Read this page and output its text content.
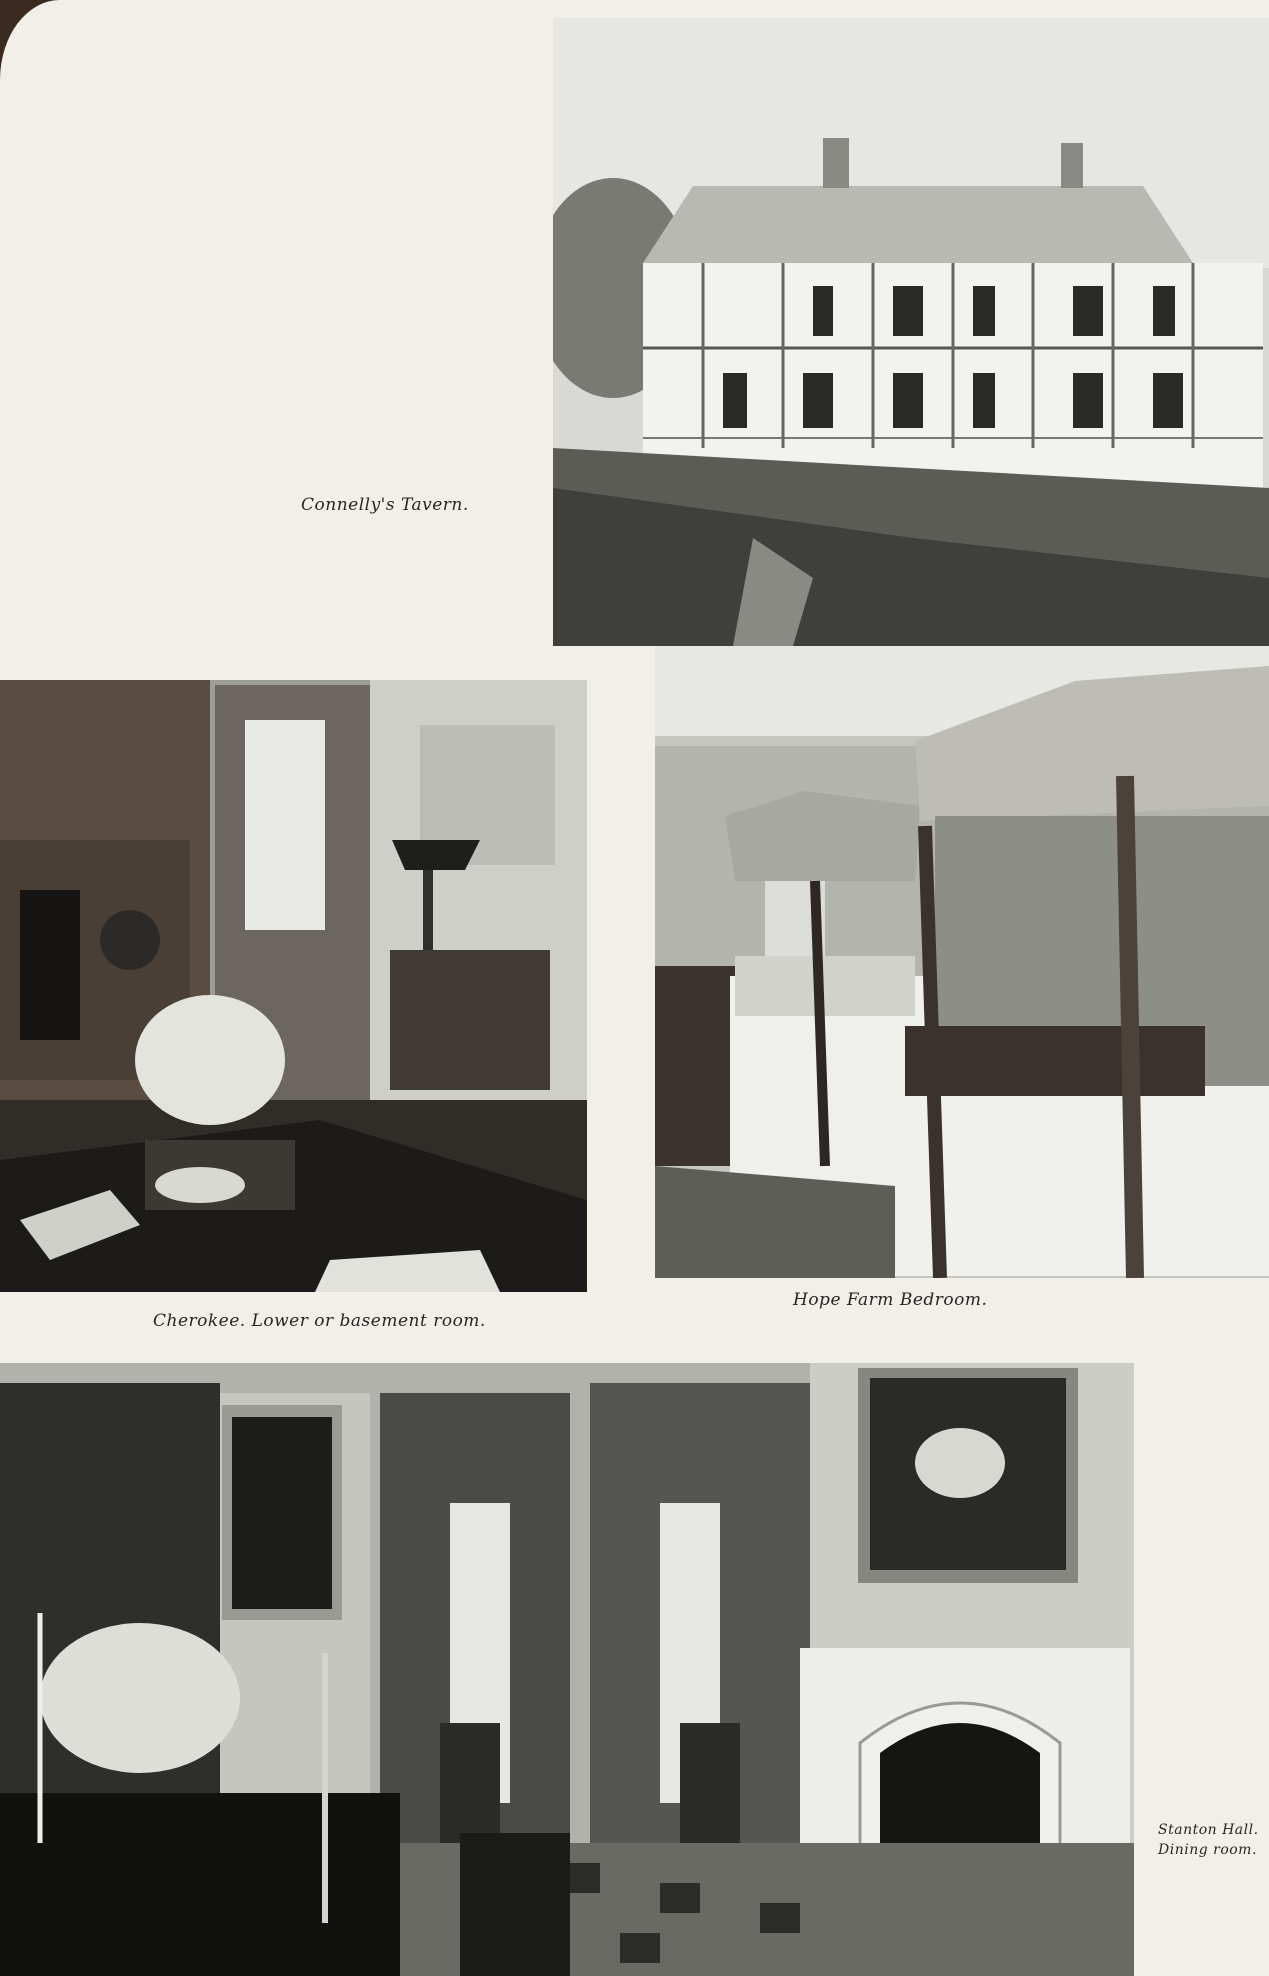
Connelly's Tavern.
Cherokee. Lower or basement room.
Hope Farm Bedroom.
Stanton Hall.
Dining room.
